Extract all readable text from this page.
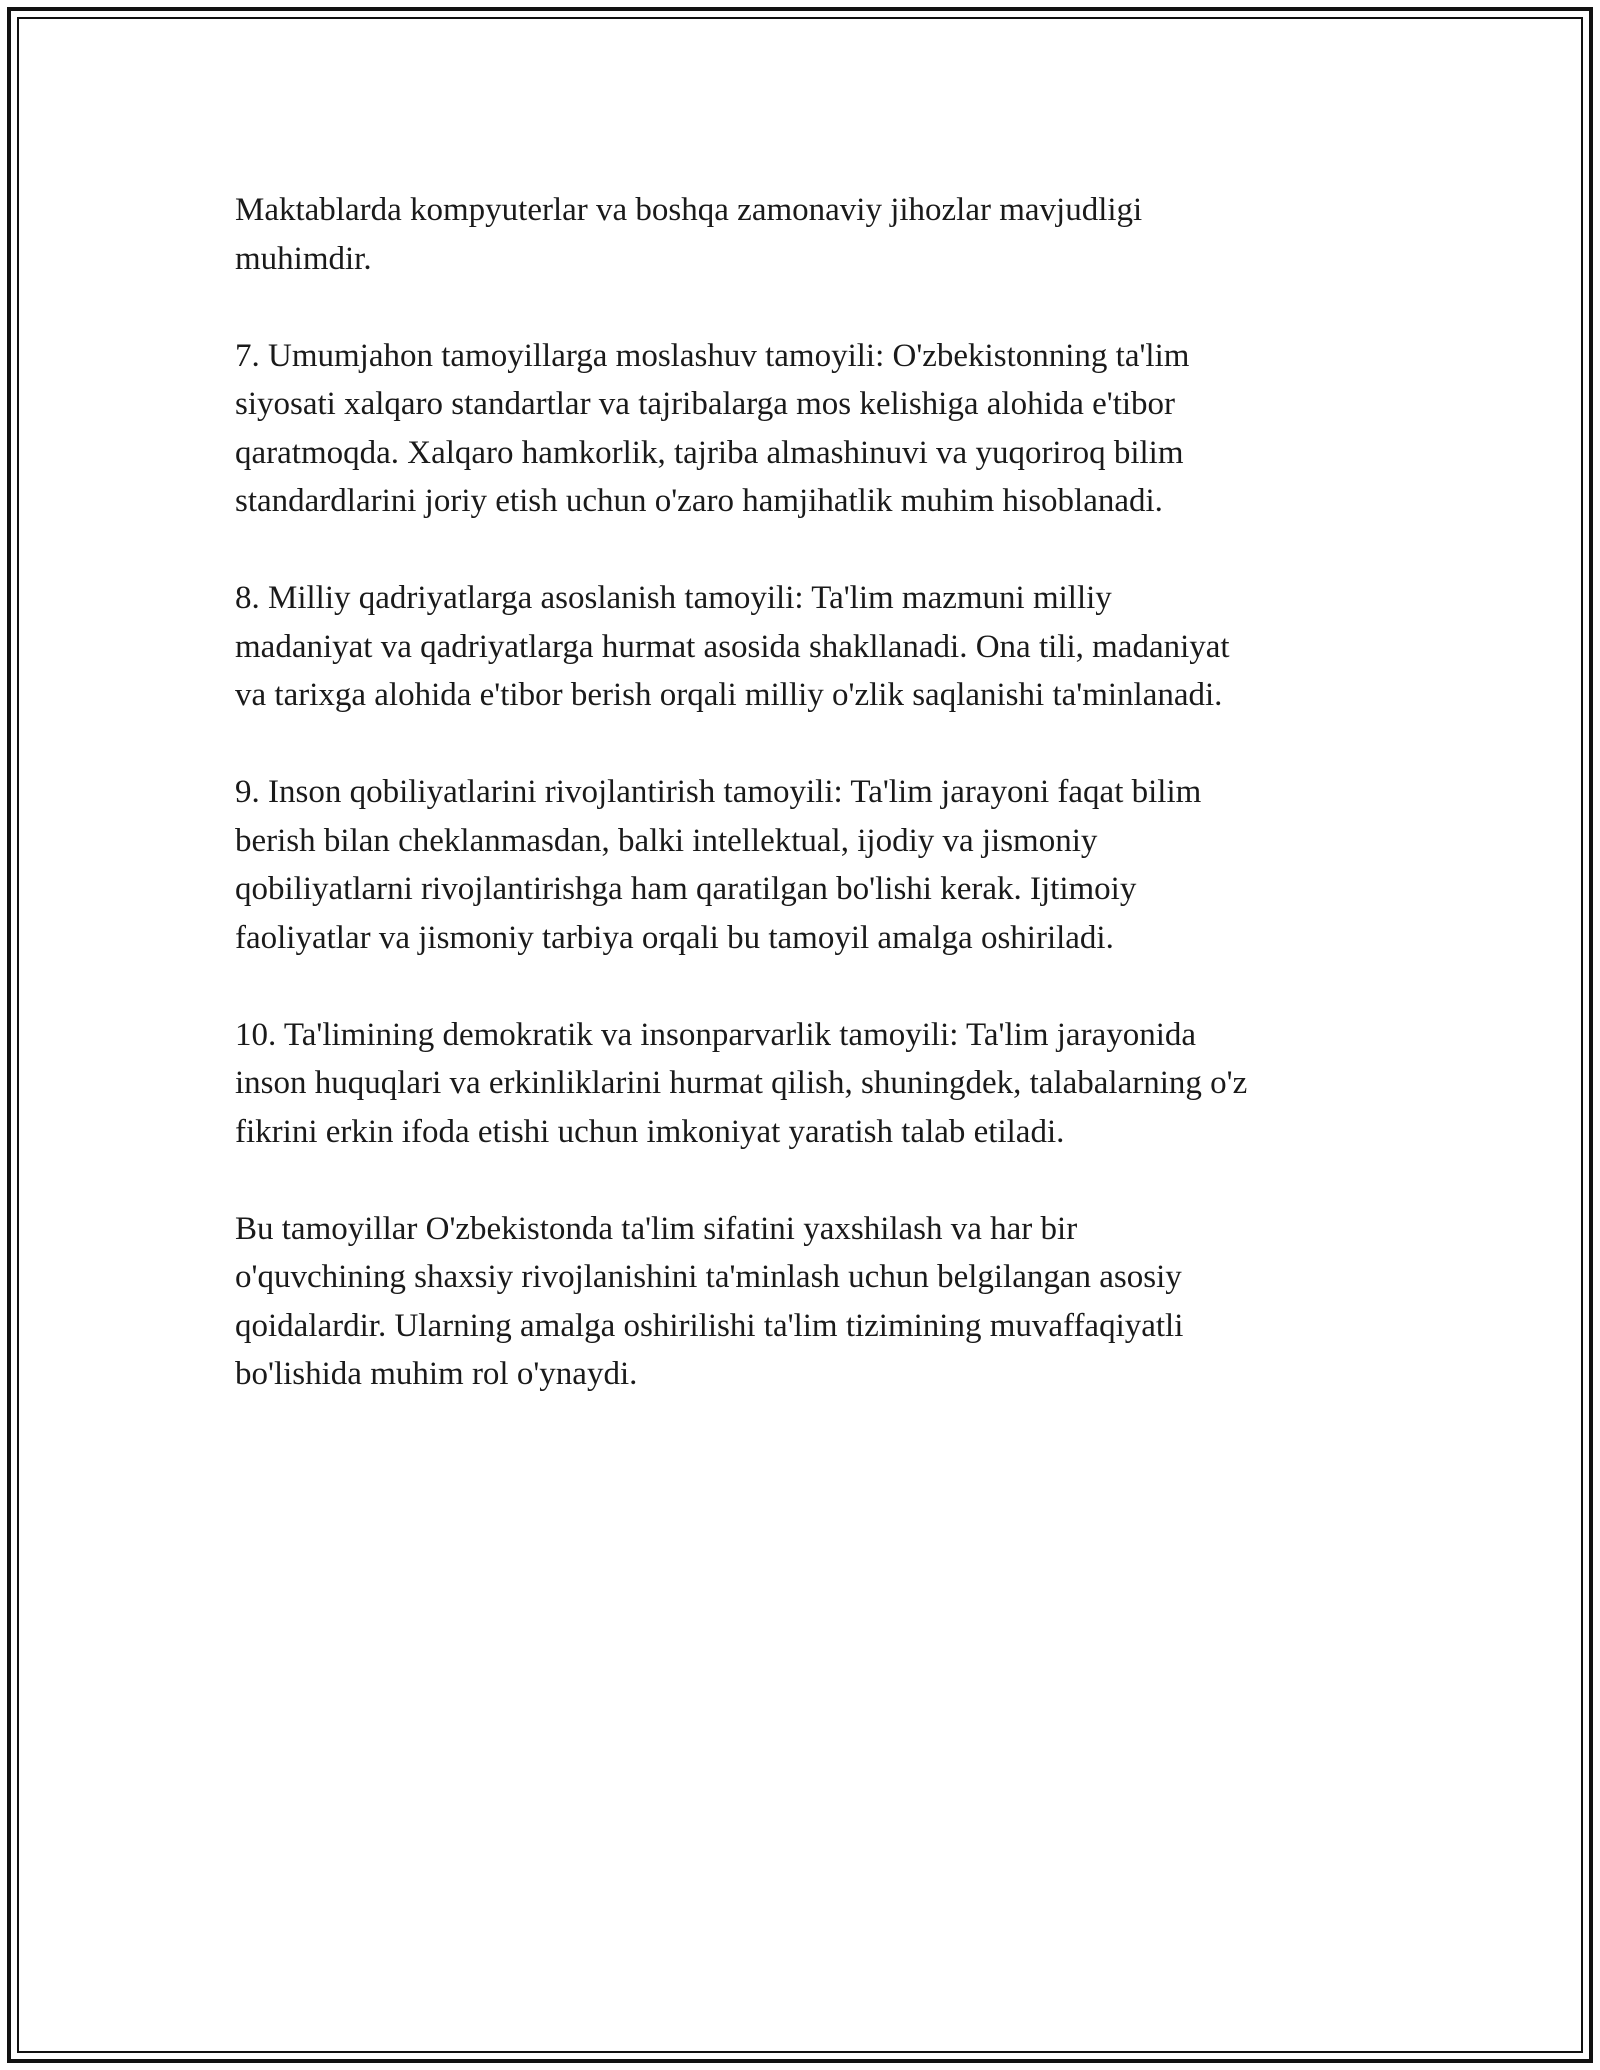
Maktablarda kompyuterlar va boshqa zamonaviy jihozlar mavjudligi
muhimdir.

7. Umumjahon tamoyillarga moslashuv tamoyili: O'zbekistonning ta'lim
siyosati xalqaro standartlar va tajribalarga mos kelishiga alohida e'tibor
qaratmoqda. Xalqaro hamkorlik, tajriba almashinuvi va yuqoriroq bilim
standardlarini joriy etish uchun o'zaro hamjihatlik muhim hisoblanadi.

8. Milliy qadriyatlarga asoslanish tamoyili: Ta'lim mazmuni milliy
madaniyat va qadriyatlarga hurmat asosida shakllanadi. Ona tili, madaniyat
va tarixga alohida e'tibor berish orqali milliy o'zlik saqlanishi ta'minlanadi.

9. Inson qobiliyatlarini rivojlantirish tamoyili: Ta'lim jarayoni faqat bilim
berish bilan cheklanmasdan, balki intellektual, ijodiy va jismoniy
qobiliyatlarni rivojlantirishga ham qaratilgan bo'lishi kerak. Ijtimoiy
faoliyatlar va jismoniy tarbiya orqali bu tamoyil amalga oshiriladi.

10. Ta'limining demokratik va insonparvarlik tamoyili: Ta'lim jarayonida
inson huquqlari va erkinliklarini hurmat qilish, shuningdek, talabalarning o'z
fikrini erkin ifoda etishi uchun imkoniyat yaratish talab etiladi.

Bu tamoyillar O'zbekistonda ta'lim sifatini yaxshilash va har bir
o'quvchining shaxsiy rivojlanishini ta'minlash uchun belgilangan asosiy
qoidalardir. Ularning amalga oshirilishi ta'lim tizimining muvaffaqiyatli
bo'lishida muhim rol o'ynaydi.
